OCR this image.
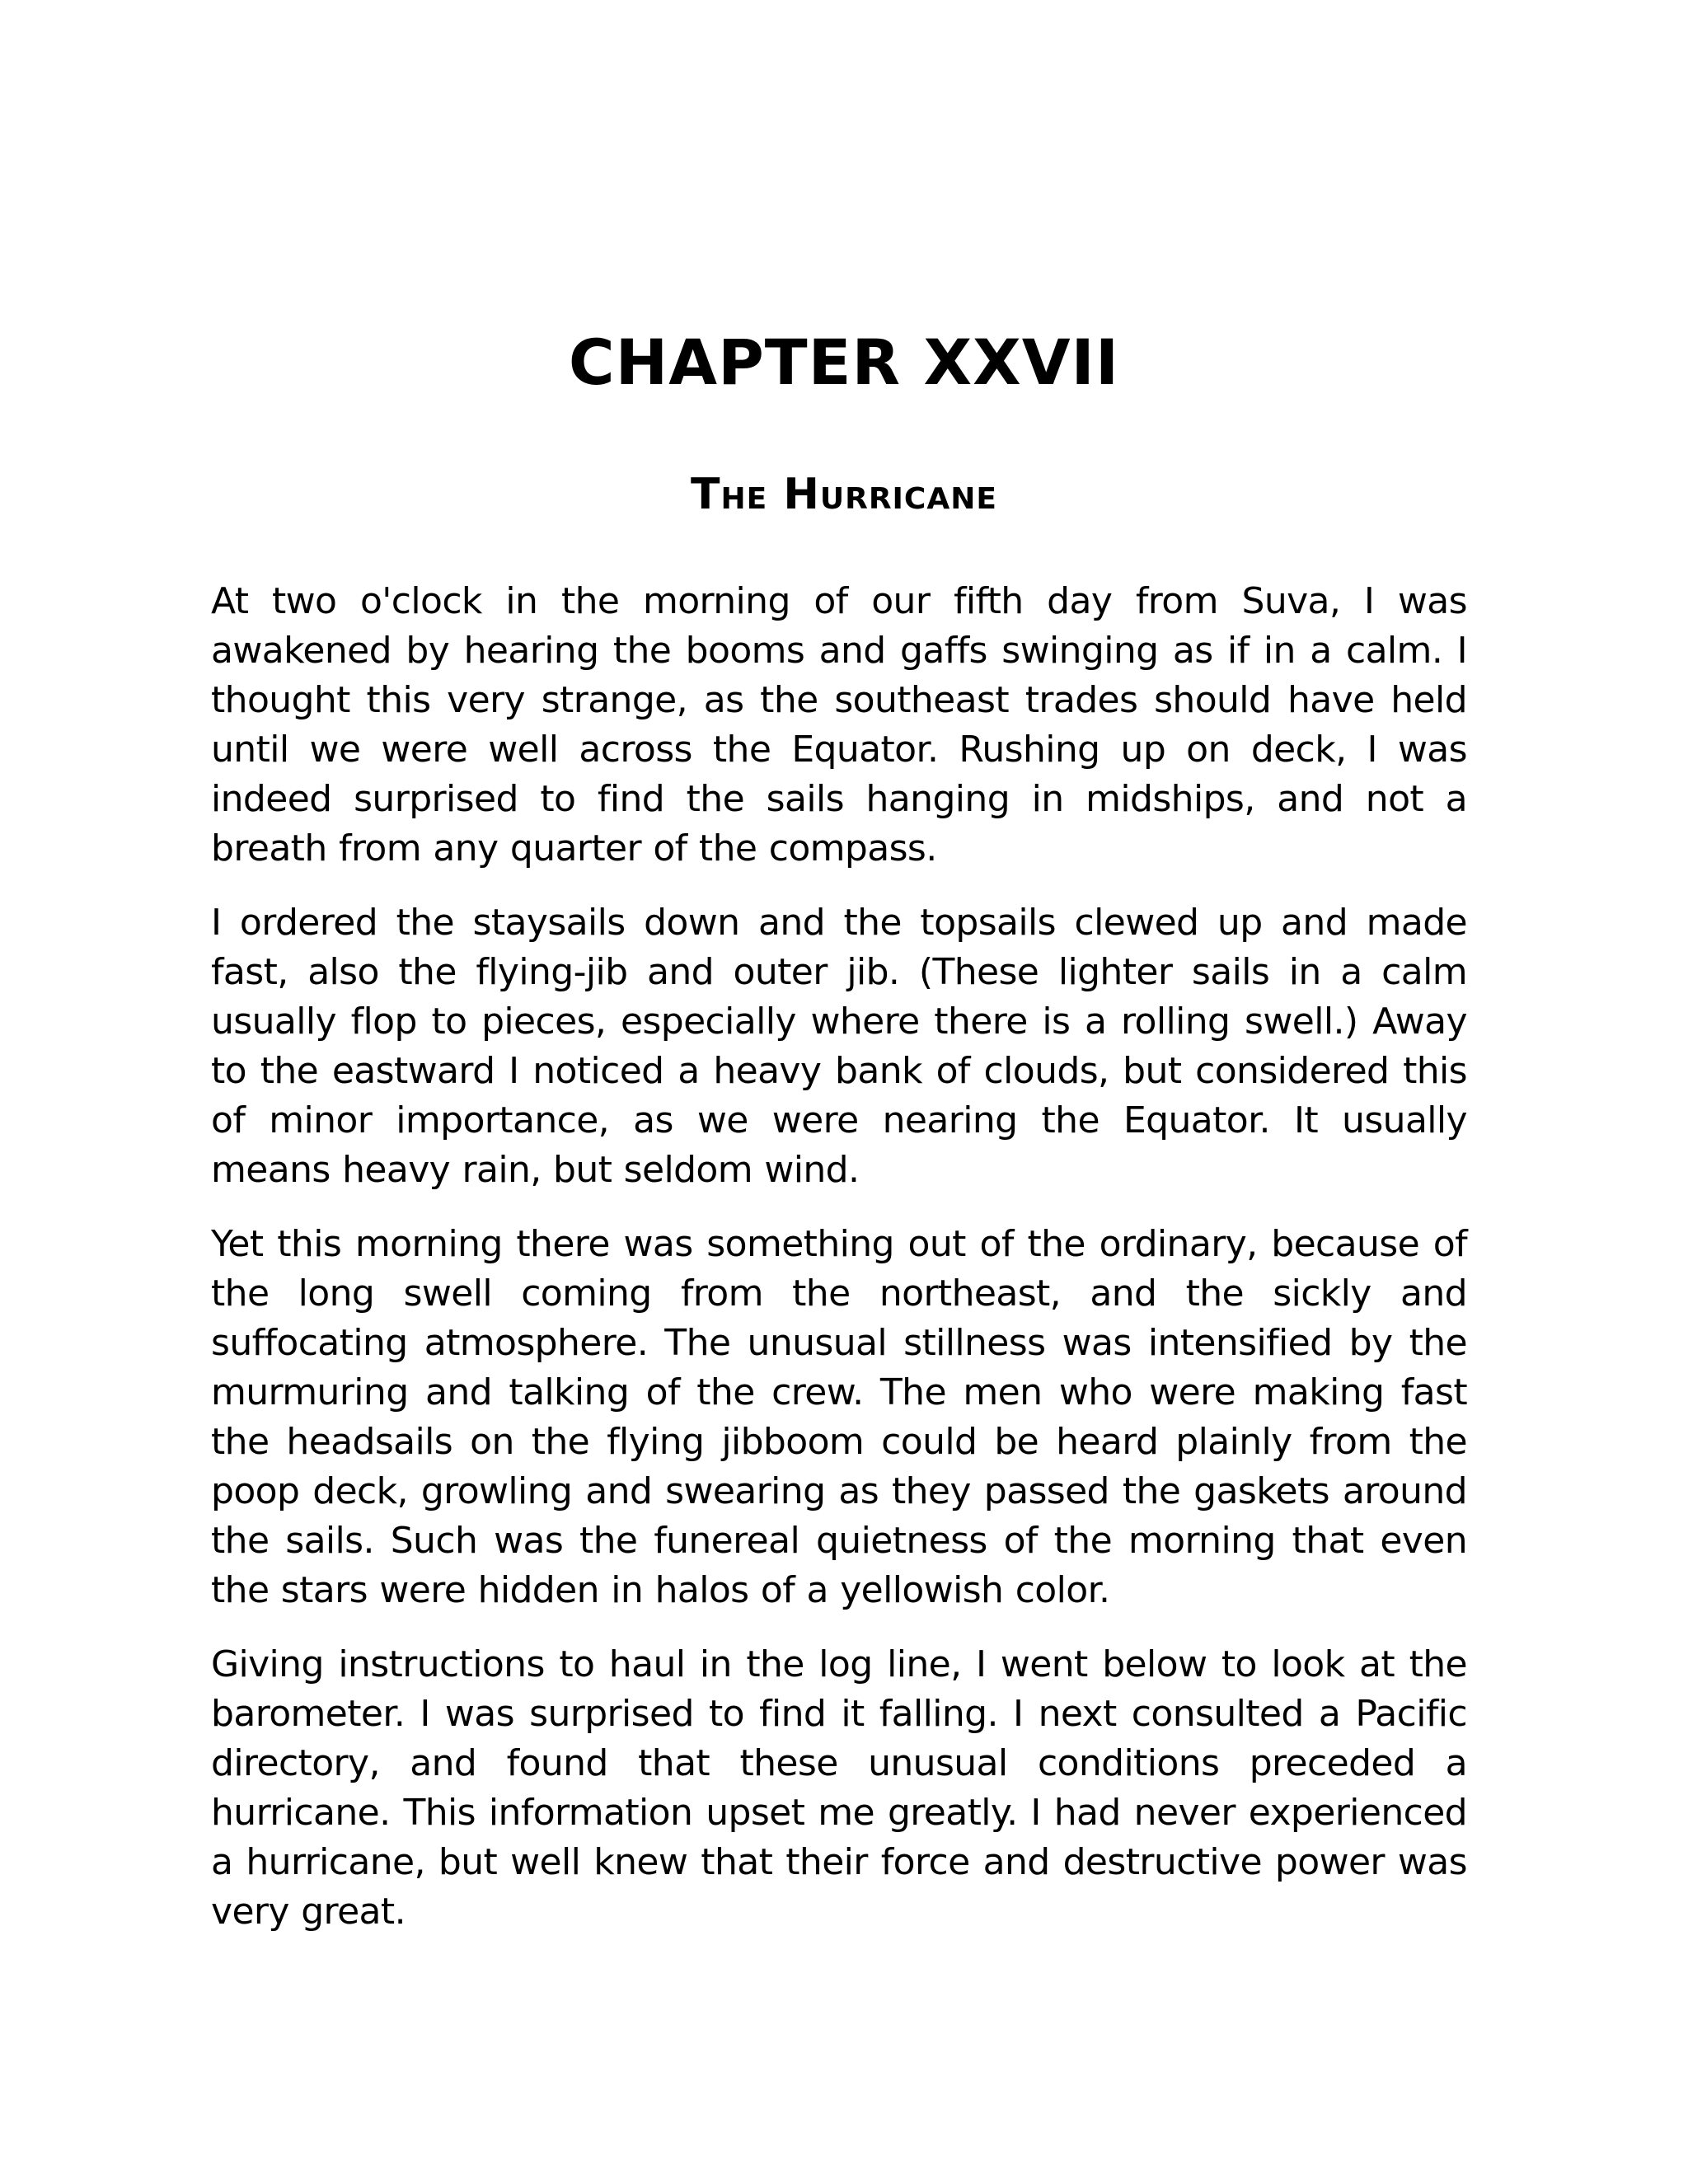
CHAPTER XXVII
The Hurricane

At two o'clock in the morning of our fifth day from Suva, I was awakened by hearing the booms and gaffs swinging as if in a calm. I thought this very strange, as the southeast trades should have held until we were well across the Equator. Rushing up on deck, I was indeed surprised to find the sails hanging in midships, and not a breath from any quarter of the compass.

I ordered the staysails down and the topsails clewed up and made fast, also the flying-jib and outer jib. (These lighter sails in a calm usually flop to pieces, especially where there is a rolling swell.) Away to the eastward I noticed a heavy bank of clouds, but considered this of minor importance, as we were nearing the Equator. It usually means heavy rain, but seldom wind.

Yet this morning there was something out of the ordinary, because of the long swell coming from the northeast, and the sickly and suffocating atmosphere. The unusual stillness was intensified by the murmuring and talking of the crew. The men who were making fast the headsails on the flying jibboom could be heard plainly from the poop deck, growling and swearing as they passed the gaskets around the sails. Such was the funereal quietness of the morning that even the stars were hidden in halos of a yellowish color.

Giving instructions to haul in the log line, I went below to look at the barometer. I was surprised to find it falling. I next consulted a Pacific directory, and found that these unusual conditions preceded a hurricane. This information upset me greatly. I had never experienced a hurricane, but well knew that their force and destructive power was very great.
